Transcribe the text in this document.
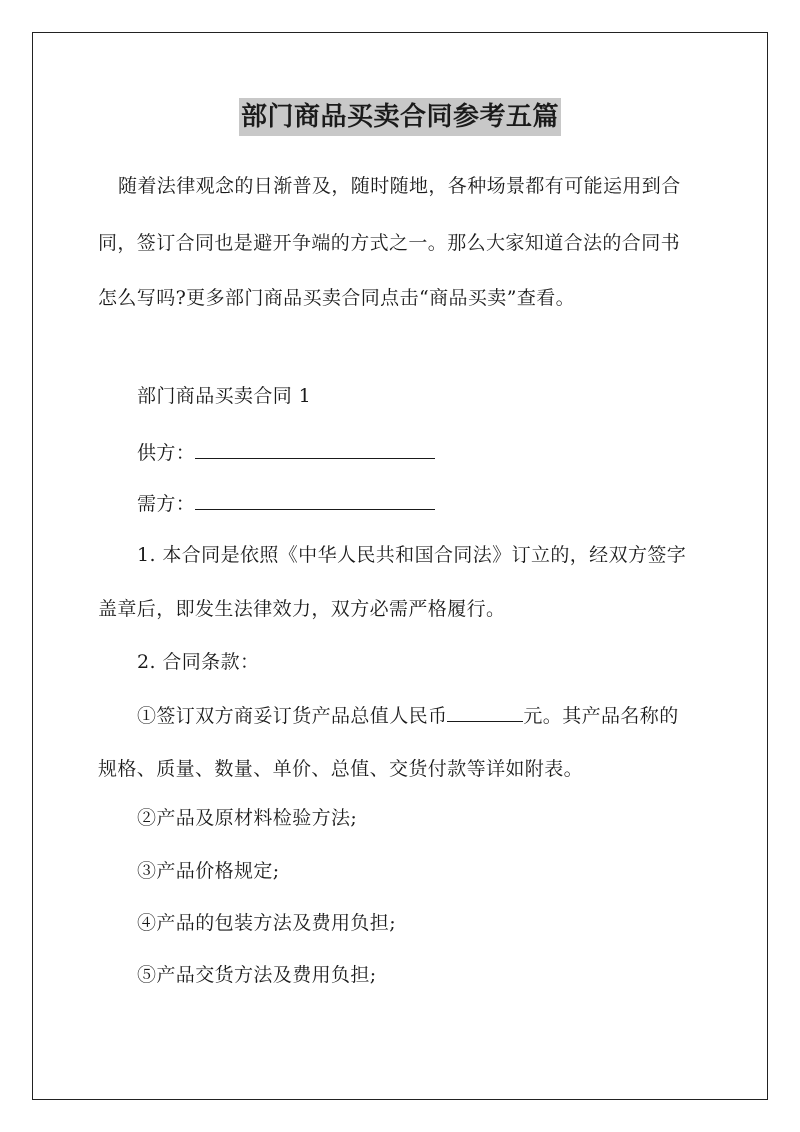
部门商品买卖合同参考五篇
随着法律观念的日渐普及，随时随地，各种场景都有可能运用到合
同，签订合同也是避开争端的方式之一。那么大家知道合法的合同书
怎么写吗?更多部门商品买卖合同点击“商品买卖”查看。
部门商品买卖合同 1
供方：
需方：
1. 本合同是依照《中华人民共和国合同法》订立的，经双方签字
盖章后，即发生法律效力，双方必需严格履行。
2. 合同条款：
①签订双方商妥订货产品总值人民币	元。其产品名称的
规格、质量、数量、单价、总值、交货付款等详如附表。
②产品及原材料检验方法;
③产品价格规定;
④产品的包装方法及费用负担;
⑤产品交货方法及费用负担;
